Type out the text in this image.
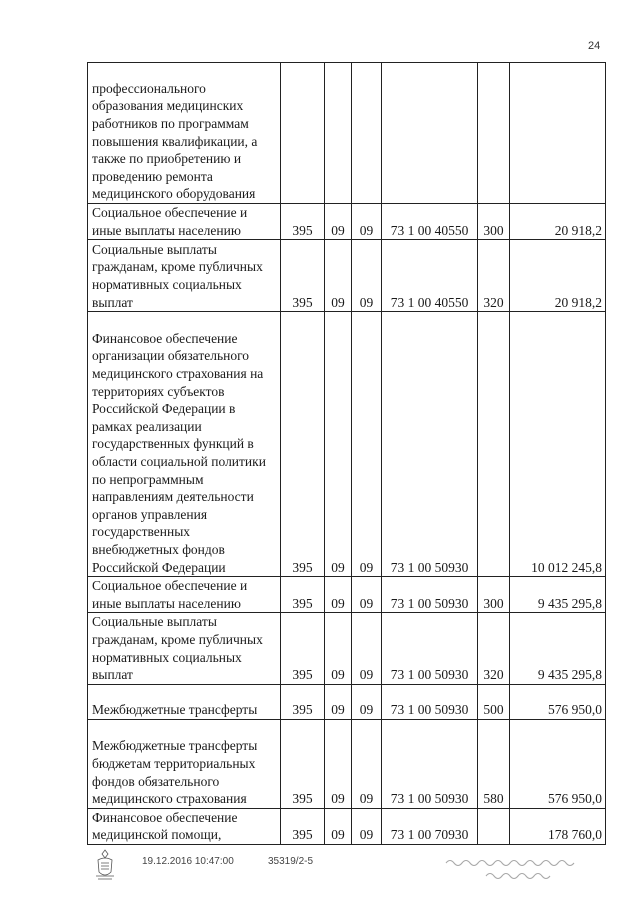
24
профессионального образования медицинских работников по программам повышения квалификации, а также по приобретению и проведению ремонта медицинского оборудования						
Социальное обеспечение и иные выплаты населению	395	09	09	73 1 00 40550	300	20 918,2
Социальные выплаты гражданам, кроме публичных нормативных социальных выплат	395	09	09	73 1 00 40550	320	20 918,2
Финансовое обеспечение организации обязательного медицинского страхования на территориях субъектов Российской Федерации в рамках реализации государственных функций в области социальной политики по непрограммным направлениям деятельности органов управления государственных внебюджетных фондов Российской Федерации	395	09	09	73 1 00 50930		10 012 245,8
Социальное обеспечение и иные выплаты населению	395	09	09	73 1 00 50930	300	9 435 295,8
Социальные выплаты гражданам, кроме публичных нормативных социальных выплат	395	09	09	73 1 00 50930	320	9 435 295,8
Межбюджетные трансферты	395	09	09	73 1 00 50930	500	576 950,0
Межбюджетные трансферты бюджетам территориальных фондов обязательного медицинского страхования	395	09	09	73 1 00 50930	580	576 950,0
Финансовое обеспечение медицинской помощи,	395	09	09	73 1 00 70930		178 760,0
19.12.2016 10:47:00	35319/2-5
